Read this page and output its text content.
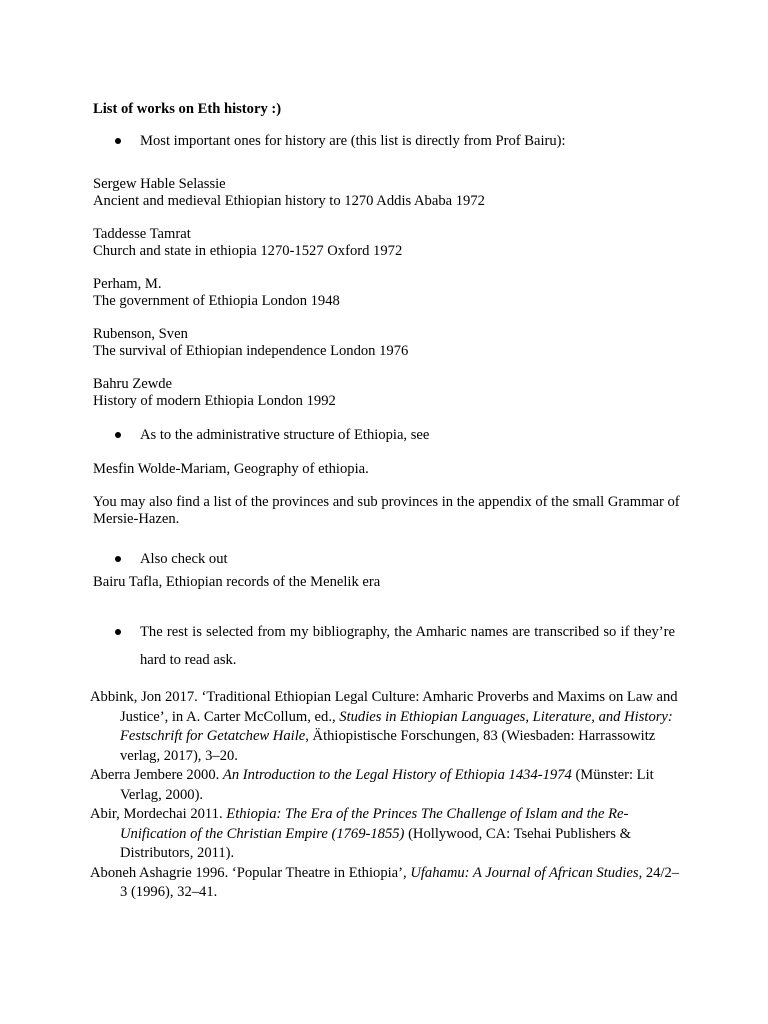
List of works on Eth history :)
Most important ones for history are (this list is directly from Prof Bairu):
Sergew Hable Selassie
Ancient and medieval Ethiopian history to 1270 Addis Ababa 1972
Taddesse Tamrat
Church and state in ethiopia 1270-1527 Oxford 1972
Perham, M.
The government of Ethiopia London 1948
Rubenson, Sven
The survival of Ethiopian independence London 1976
Bahru Zewde
History of modern Ethiopia London 1992
As to the administrative structure of Ethiopia, see
Mesfin Wolde-Mariam, Geography of ethiopia.
You may also find a list of the provinces and sub provinces in the appendix of the small Grammar of Mersie-Hazen.
Also check out
Bairu Tafla, Ethiopian records of the Menelik era
The rest is selected from my bibliography, the Amharic names are transcribed so if they’re hard to read ask.

Abbink, Jon 2017. ‘Traditional Ethiopian Legal Culture: Amharic Proverbs and Maxims on Law and Justice’, in A. Carter McCollum, ed., Studies in Ethiopian Languages, Literature, and History: Festschrift for Getatchew Haile, Äthiopistische Forschungen, 83 (Wiesbaden: Harrassowitz verlag, 2017), 3–20.

Aberra Jembere 2000. An Introduction to the Legal History of Ethiopia 1434-1974 (Münster: Lit Verlag, 2000).

Abir, Mordechai 2011. Ethiopia: The Era of the Princes The Challenge of Islam and the Re-Unification of the Christian Empire (1769-1855) (Hollywood, CA: Tsehai Publishers & Distributors, 2011).

Aboneh Ashagrie 1996. ‘Popular Theatre in Ethiopia’, Ufahamu: A Journal of African Studies, 24/2–3 (1996), 32–41.
